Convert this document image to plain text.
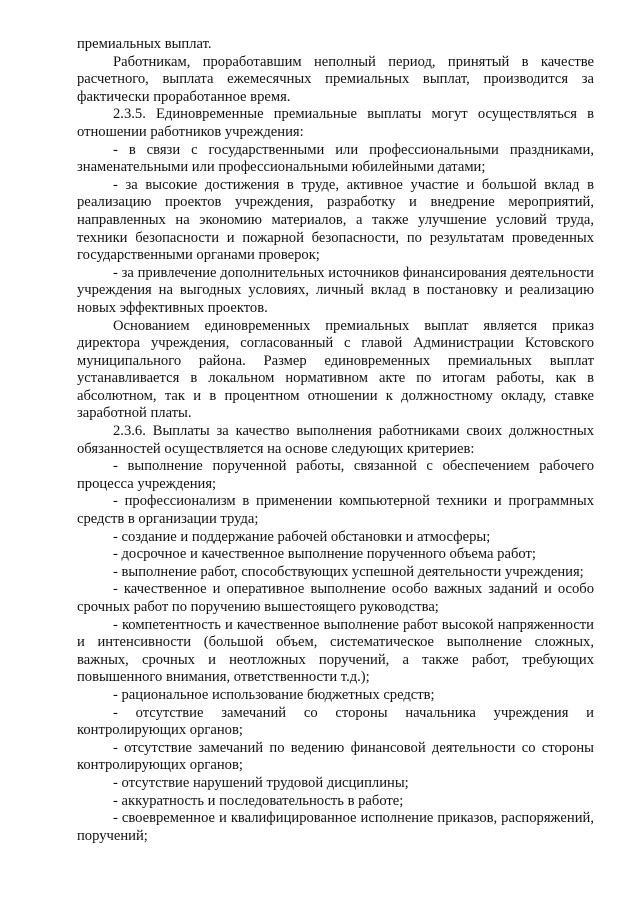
премиальных выплат.

Работникам, проработавшим неполный период, принятый в качестве расчетного, выплата ежемесячных премиальных выплат, производится за фактически проработанное время.

2.3.5. Единовременные премиальные выплаты могут осуществляться в отношении работников учреждения:

- в связи с государственными или профессиональными праздниками, знаменательными или профессиональными юбилейными датами;

- за высокие достижения в труде, активное участие и большой вклад в реализацию проектов учреждения, разработку и внедрение мероприятий, направленных на экономию материалов, а также улучшение условий труда, техники безопасности и пожарной безопасности, по результатам проведенных государственными органами проверок;

- за привлечение дополнительных источников финансирования деятельности учреждения на выгодных условиях, личный вклад в постановку и реализацию новых эффективных проектов.

Основанием единовременных премиальных выплат является приказ директора учреждения, согласованный с главой Администрации Кстовского муниципального района. Размер единовременных премиальных выплат устанавливается в локальном нормативном акте по итогам работы, как в абсолютном, так и в процентном отношении к должностному окладу, ставке заработной платы.

2.3.6. Выплаты за качество выполнения работниками своих должностных обязанностей осуществляется на основе следующих критериев:

- выполнение порученной работы, связанной с обеспечением рабочего процесса учреждения;

- профессионализм в применении компьютерной техники и программных средств в организации труда;

- создание и поддержание рабочей обстановки и атмосферы;

- досрочное и качественное выполнение порученного объема работ;

- выполнение работ, способствующих успешной деятельности учреждения;

- качественное и оперативное выполнение особо важных заданий и особо срочных работ по поручению вышестоящего руководства;

- компетентность и качественное выполнение работ высокой напряженности и интенсивности (большой объем, систематическое выполнение сложных, важных, срочных и неотложных поручений, а также работ, требующих повышенного внимания, ответственности т.д.);

- рациональное использование бюджетных средств;

- отсутствие замечаний со стороны начальника учреждения и контролирующих органов;

- отсутствие замечаний по ведению финансовой деятельности со стороны контролирующих органов;

- отсутствие нарушений трудовой дисциплины;

- аккуратность и последовательность в работе;

- своевременное и квалифицированное исполнение приказов, распоряжений, поручений;
